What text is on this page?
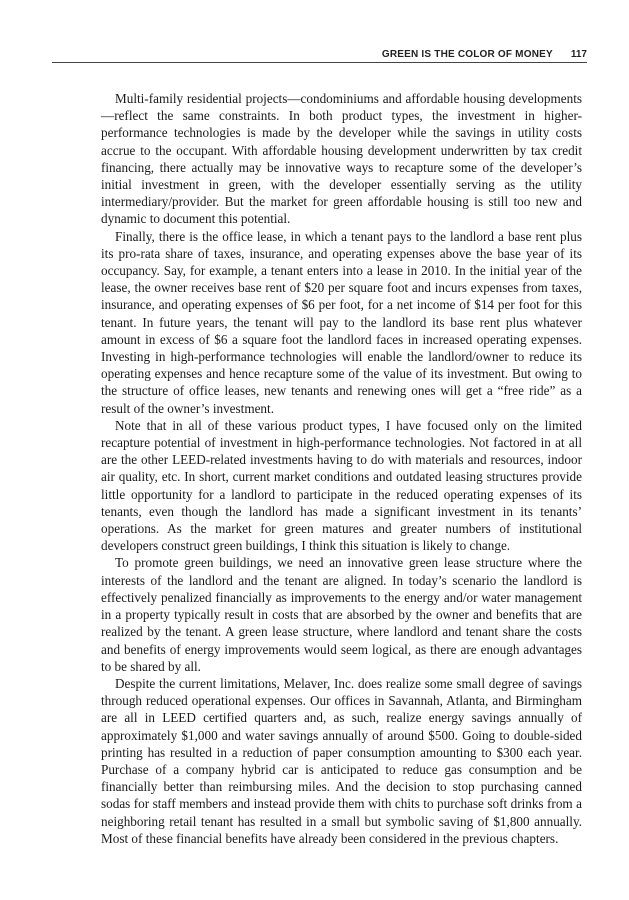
GREEN IS THE COLOR OF MONEY 117

Multi-family residential projects—condominiums and affordable housing developments—reflect the same constraints. In both product types, the investment in higher-performance technologies is made by the developer while the savings in utility costs accrue to the occupant. With affordable housing development underwritten by tax credit financing, there actually may be innovative ways to recapture some of the developer’s initial investment in green, with the developer essentially serving as the utility intermediary/provider. But the market for green affordable housing is still too new and dynamic to document this potential.

Finally, there is the office lease, in which a tenant pays to the landlord a base rent plus its pro-rata share of taxes, insurance, and operating expenses above the base year of its occupancy. Say, for example, a tenant enters into a lease in 2010. In the initial year of the lease, the owner receives base rent of $20 per square foot and incurs expenses from taxes, insurance, and operating expenses of $6 per foot, for a net income of $14 per foot for this tenant. In future years, the tenant will pay to the landlord its base rent plus whatever amount in excess of $6 a square foot the landlord faces in increased operating expenses. Investing in high-performance technologies will enable the landlord/owner to reduce its operating expenses and hence recapture some of the value of its investment. But owing to the structure of office leases, new tenants and renewing ones will get a “free ride” as a result of the owner’s investment.

Note that in all of these various product types, I have focused only on the limited recapture potential of investment in high-performance technologies. Not factored in at all are the other LEED-related investments having to do with materials and resources, indoor air quality, etc. In short, current market conditions and outdated leasing structures provide little opportunity for a landlord to participate in the reduced operating expenses of its tenants, even though the landlord has made a significant investment in its tenants’ operations. As the market for green matures and greater numbers of institutional developers construct green buildings, I think this situation is likely to change.

To promote green buildings, we need an innovative green lease structure where the interests of the landlord and the tenant are aligned. In today’s scenario the landlord is effectively penalized financially as improvements to the energy and/or water management in a property typically result in costs that are absorbed by the owner and benefits that are realized by the tenant. A green lease structure, where landlord and tenant share the costs and benefits of energy improvements would seem logical, as there are enough advantages to be shared by all.

Despite the current limitations, Melaver, Inc. does realize some small degree of savings through reduced operational expenses. Our offices in Savannah, Atlanta, and Birmingham are all in LEED certified quarters and, as such, realize energy savings annually of approximately $1,000 and water savings annually of around $500. Going to double-sided printing has resulted in a reduction of paper consumption amounting to $300 each year. Purchase of a company hybrid car is anticipated to reduce gas consumption and be financially better than reimbursing miles. And the decision to stop purchasing canned sodas for staff members and instead provide them with chits to purchase soft drinks from a neighboring retail tenant has resulted in a small but symbolic saving of $1,800 annually. Most of these financial benefits have already been considered in the previous chapters.
